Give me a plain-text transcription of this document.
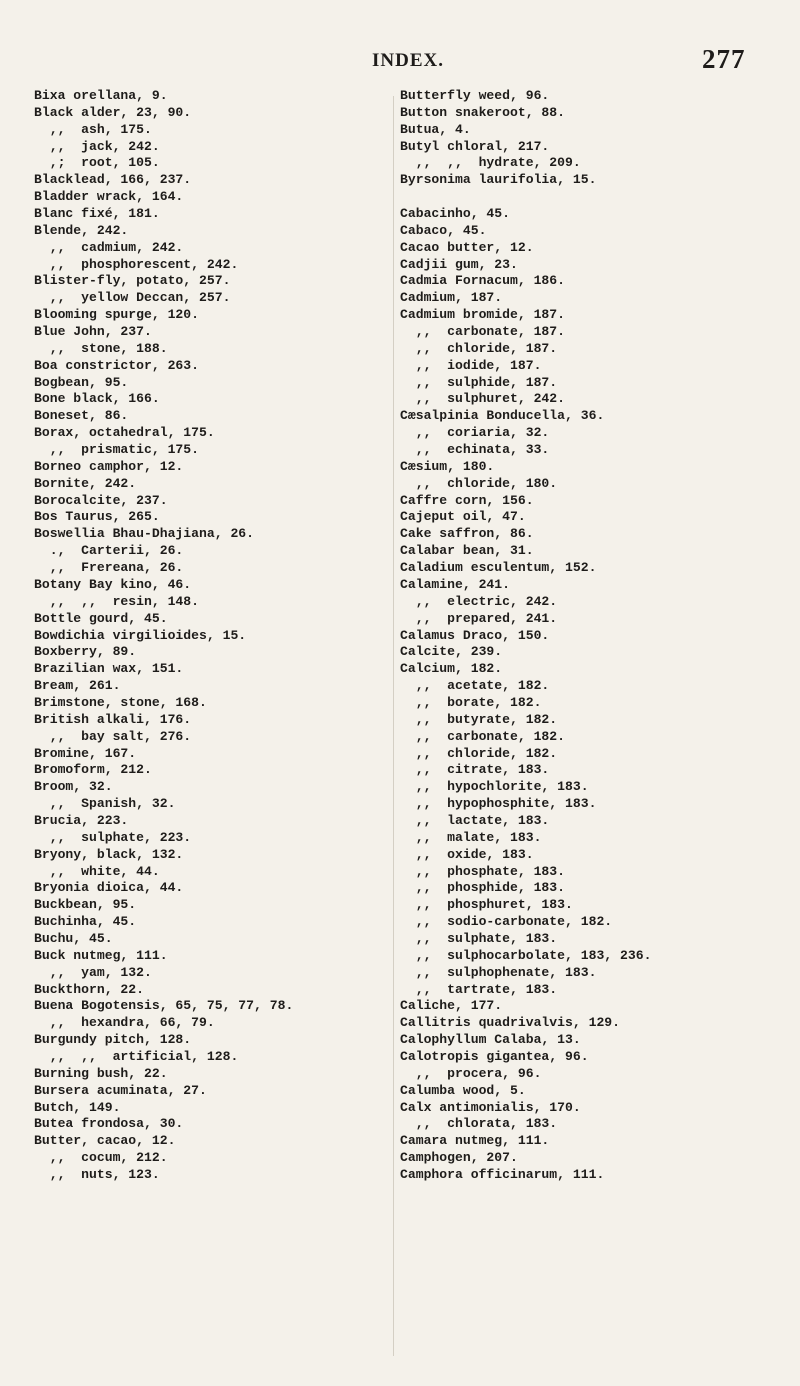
INDEX.	277
Bixa orellana, 9.
Black alder, 23, 90.
,,  ash, 175.
,,  jack, 242.
,;  root, 105.
Blacklead, 166, 237.
Bladder wrack, 164.
Blanc fixé, 181.
Blende, 242.
,,  cadmium, 242.
,,  phosphorescent, 242.
Blister-fly, potato, 257.
,,  yellow Deccan, 257.
Blooming spurge, 120.
Blue John, 237.
,,  stone, 188.
Boa constrictor, 263.
Bogbean, 95.
Bone black, 166.
Boneset, 86.
Borax, octahedral, 175.
,,  prismatic, 175.
Borneo camphor, 12.
Bornite, 242.
Borocalcite, 237.
Bos Taurus, 265.
Boswellia Bhau-Dhajiana, 26.
.,  Carterii, 26.
,,  Frereana, 26.
Botany Bay kino, 46.
,,  ,,  resin, 148.
Bottle gourd, 45.
Bowdichia virgilioides, 15.
Boxberry, 89.
Brazilian wax, 151.
Bream, 261.
Brimstone, stone, 168.
British alkali, 176.
,,  bay salt, 276.
Bromine, 167.
Bromoform, 212.
Broom, 32.
,,  Spanish, 32.
Brucia, 223.
,,  sulphate, 223.
Bryony, black, 132.
,,  white, 44.
Bryonia dioica, 44.
Buckbean, 95.
Buchinha, 45.
Buchu, 45.
Buck nutmeg, 111.
,,  yam, 132.
Buckthorn, 22.
Buena Bogotensis, 65, 75, 77, 78.
,,  hexandra, 66, 79.
Burgundy pitch, 128.
,,  ,,  artificial, 128.
Burning bush, 22.
Bursera acuminata, 27.
Butch, 149.
Butea frondosa, 30.
Butter, cacao, 12.
,,  cocum, 212.
,,  nuts, 123.
Butterfly weed, 96.
Button snakeroot, 88.
Butua, 4.
Butyl chloral, 217.
,,  ,,  hydrate, 209.
Byrsonima laurifolia, 15.
Cabacinho, 45.
Cabaco, 45.
Cacao butter, 12.
Cadjii gum, 23.
Cadmia Fornacum, 186.
Cadmium, 187.
Cadmium bromide, 187.
,,  carbonate, 187.
,,  chloride, 187.
,,  iodide, 187.
,,  sulphide, 187.
,,  sulphuret, 242.
Cæsalpinia Bonducella, 36.
,,  coriaria, 32.
,,  echinata, 33.
Cæsium, 180.
,,  chloride, 180.
Caffre corn, 156.
Cajeput oil, 47.
Cake saffron, 86.
Calabar bean, 31.
Caladium esculentum, 152.
Calamine, 241.
,,  electric, 242.
,,  prepared, 241.
Calamus Draco, 150.
Calcite, 239.
Calcium, 182.
,,  acetate, 182.
,,  borate, 182.
,,  butyrate, 182.
,,  carbonate, 182.
,,  chloride, 182.
,,  citrate, 183.
,,  hypochlorite, 183.
,,  hypophosphite, 183.
,,  lactate, 183.
,,  malate, 183.
,,  oxide, 183.
,,  phosphate, 183.
,,  phosphide, 183.
,,  phosphuret, 183.
,,  sodio-carbonate, 182.
,,  sulphate, 183.
,,  sulphocarbolate, 183, 236.
,,  sulphophenate, 183.
,,  tartrate, 183.
Caliche, 177.
Callitris quadrivalvis, 129.
Calophyllum Calaba, 13.
Calotropis gigantea, 96.
,,  procera, 96.
Calumba wood, 5.
Calx antimonialis, 170.
,,  chlorata, 183.
Camara nutmeg, 111.
Camphogen, 207.
Camphora officinarum, 111.
